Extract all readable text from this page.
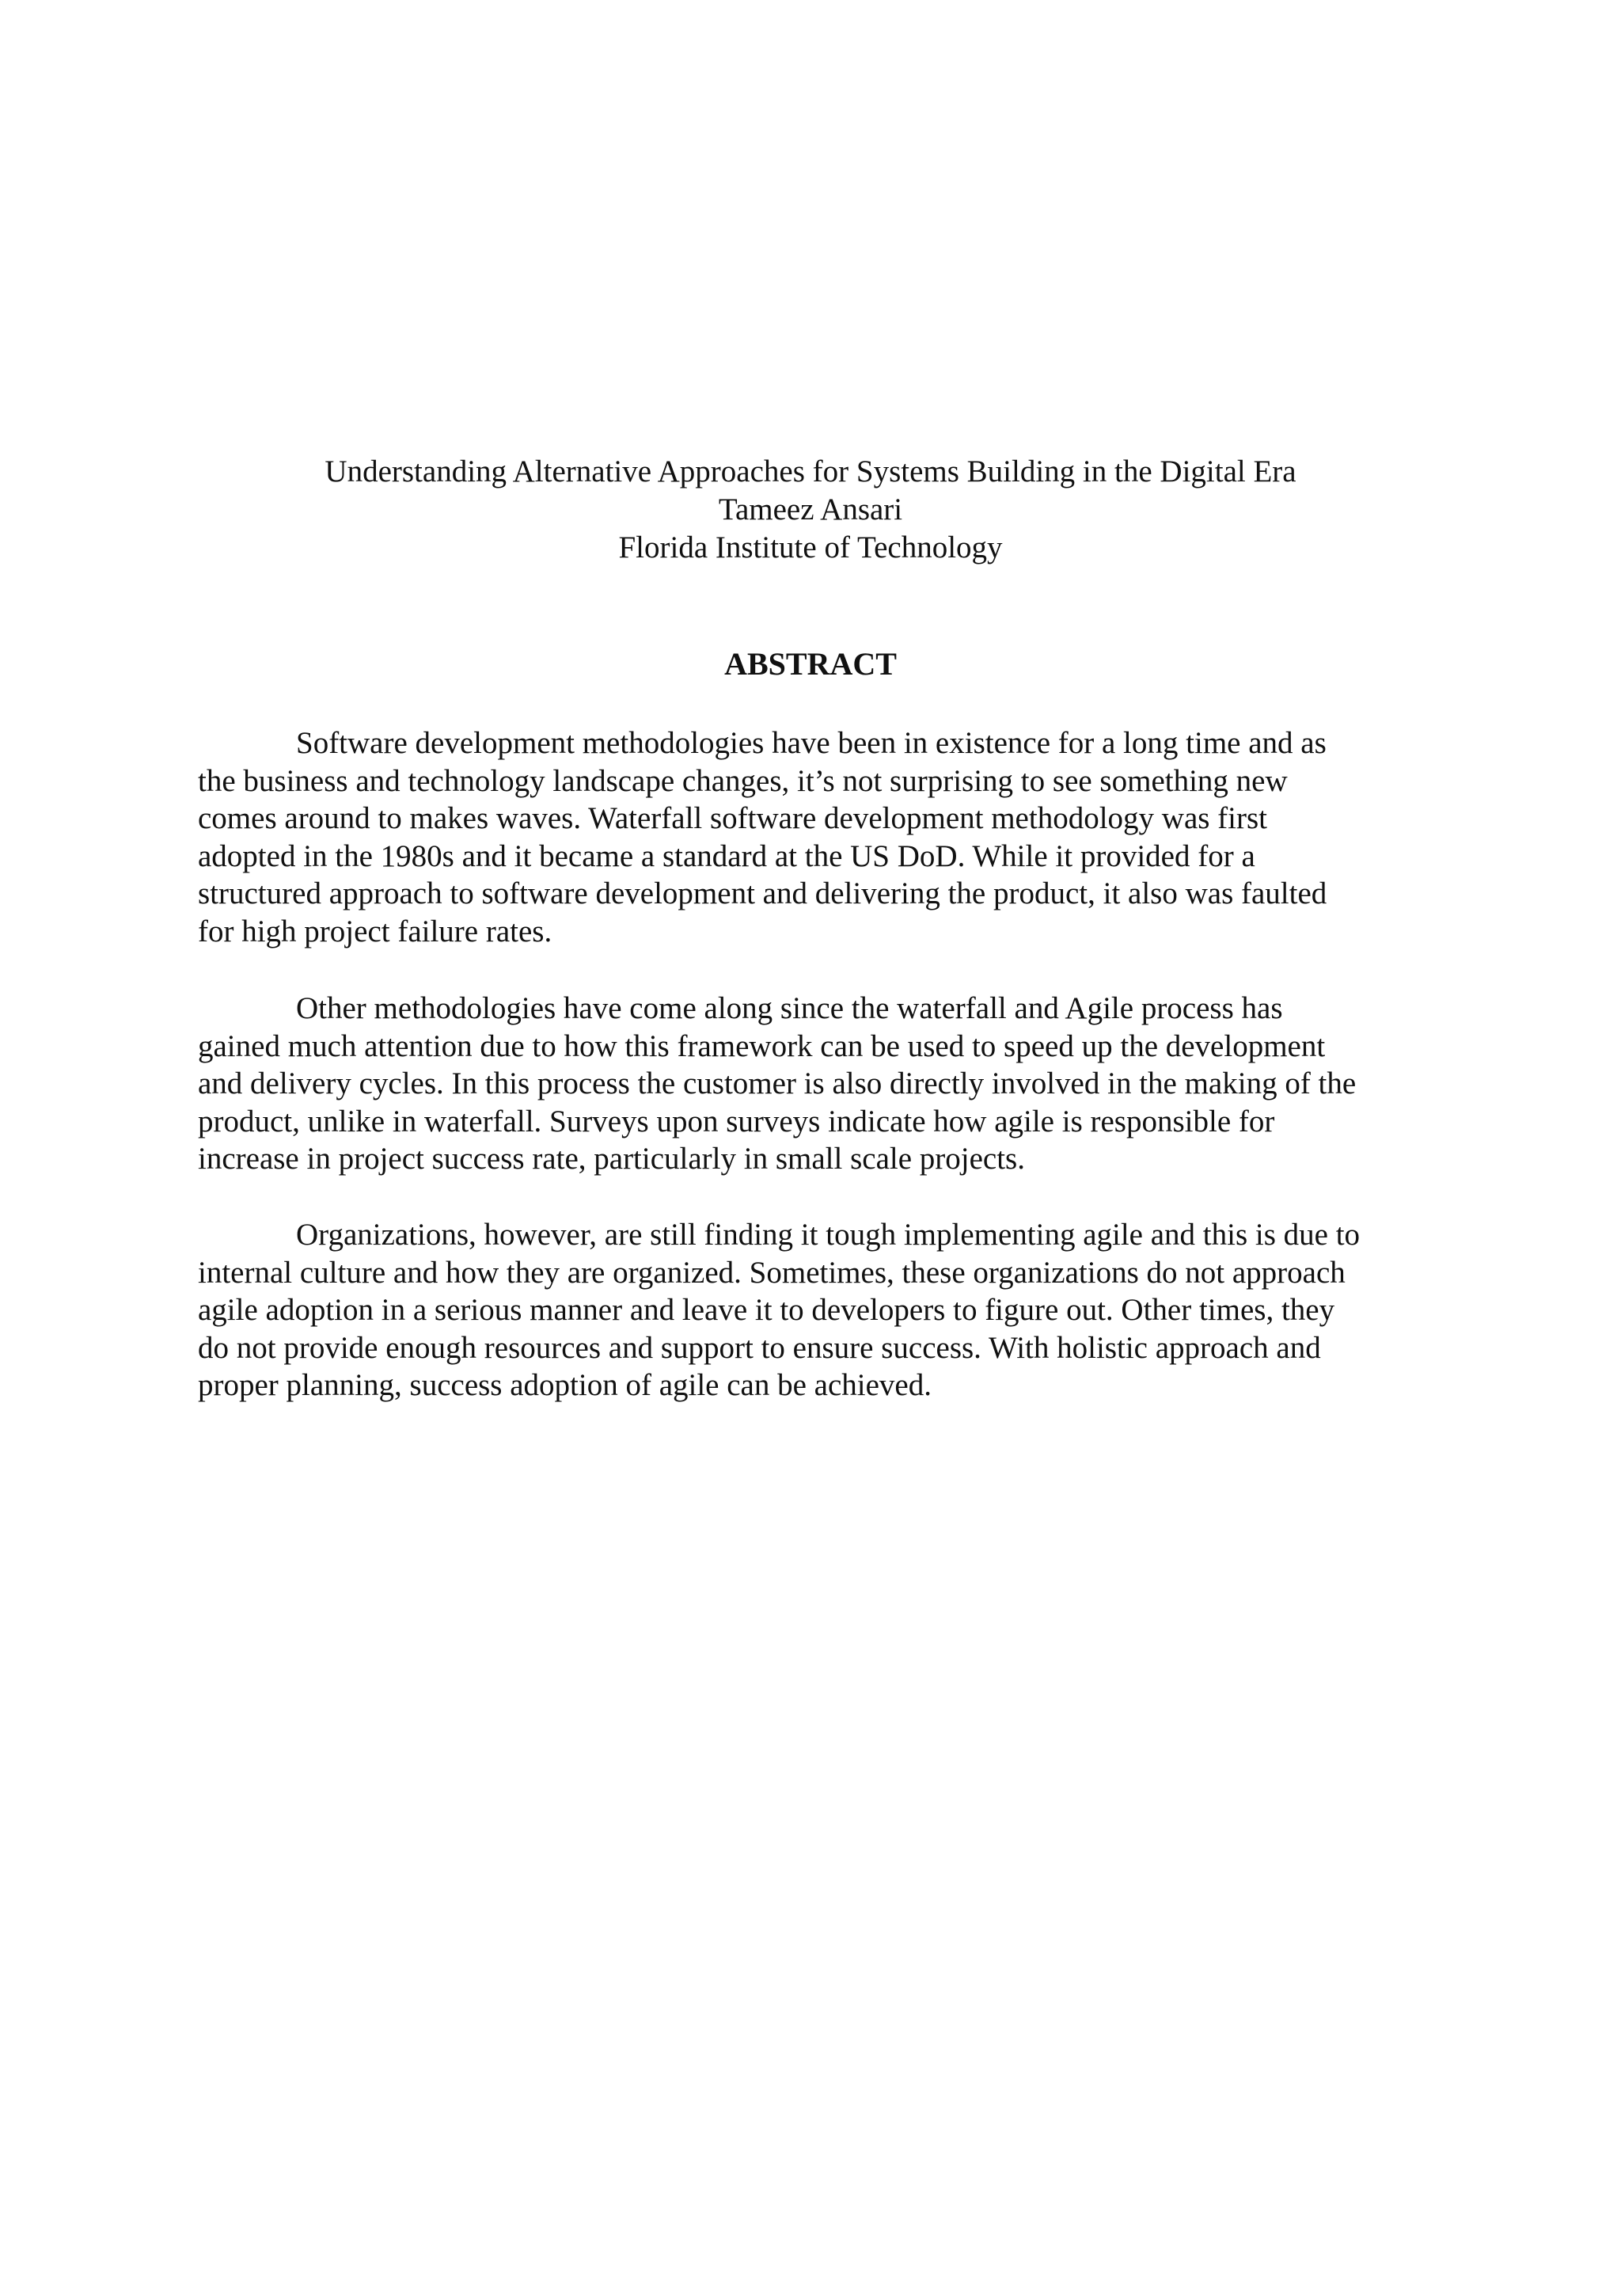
Understanding Alternative Approaches for Systems Building in the Digital Era
Tameez Ansari
Florida Institute of Technology
ABSTRACT
Software development methodologies have been in existence for a long time and as
the business and technology landscape changes, it’s not surprising to see something new
comes around to makes waves. Waterfall software development methodology was first
adopted in the 1980s and it became a standard at the US DoD. While it provided for a
structured approach to software development and delivering the product, it also was faulted
for high project failure rates.
Other methodologies have come along since the waterfall and Agile process has
gained much attention due to how this framework can be used to speed up the development
and delivery cycles. In this process the customer is also directly involved in the making of the
product, unlike in waterfall. Surveys upon surveys indicate how agile is responsible for
increase in project success rate, particularly in small scale projects.
Organizations, however, are still finding it tough implementing agile and this is due to
internal culture and how they are organized. Sometimes, these organizations do not approach
agile adoption in a serious manner and leave it to developers to figure out. Other times, they
do not provide enough resources and support to ensure success. With holistic approach and
proper planning, success adoption of agile can be achieved.
